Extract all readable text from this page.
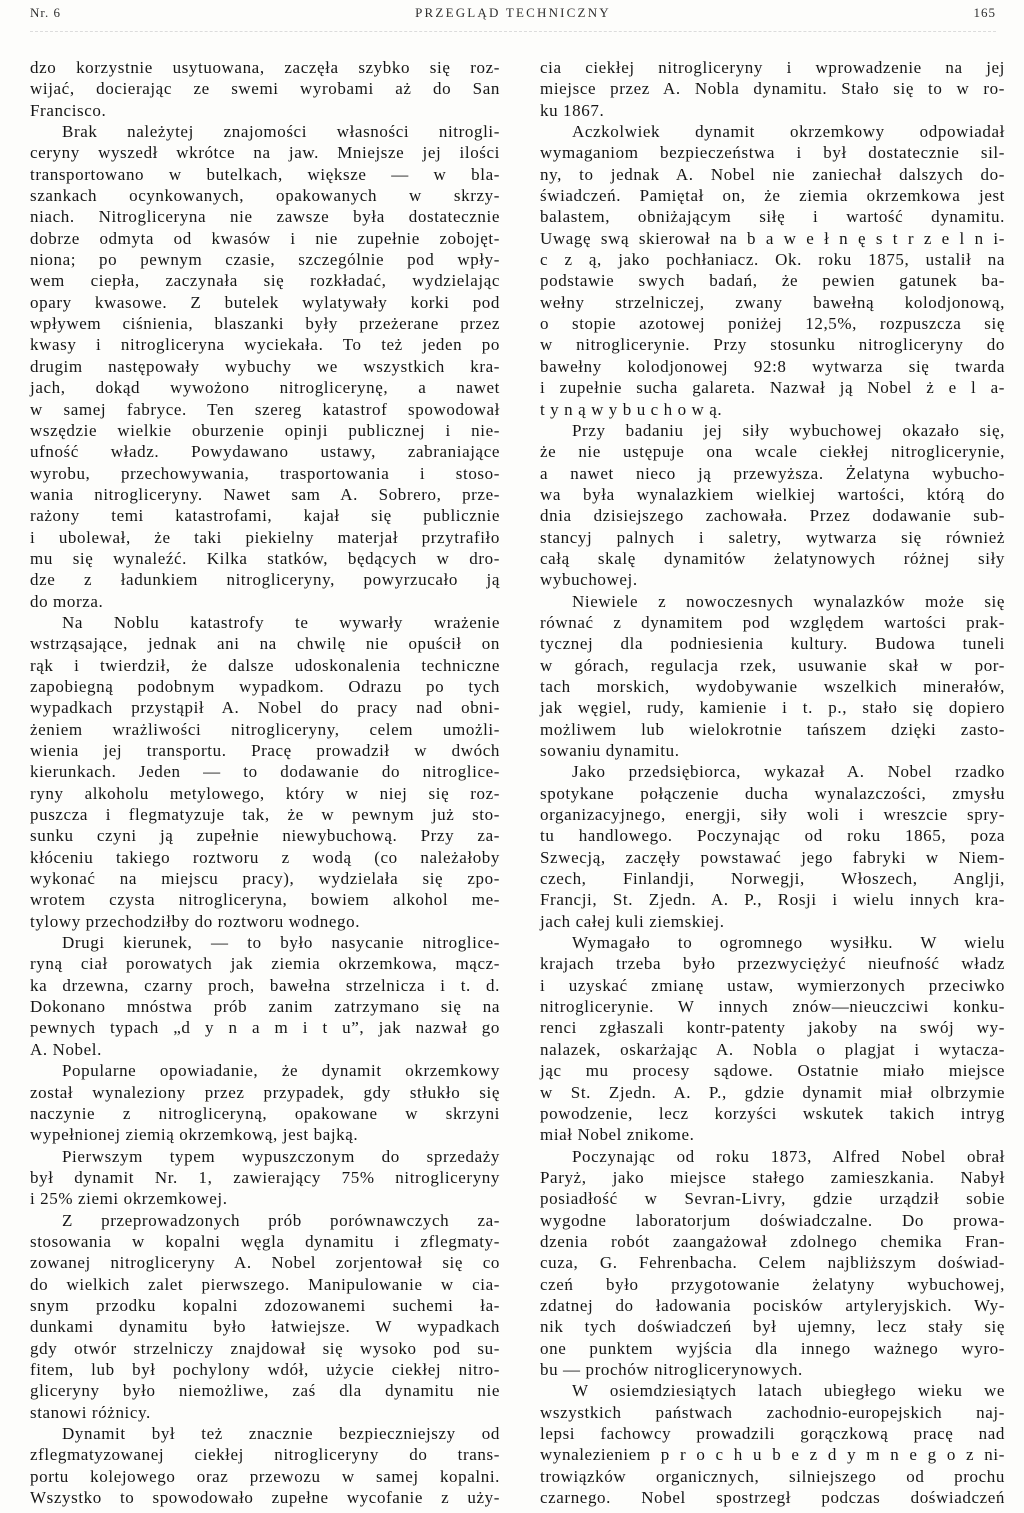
Nr. 6	PRZEGLĄD TECHNICZNY	165
dzo korzystnie usytuowana, zaczęła szybko się roz-
wijać, docierając ze swemi wyrobami aż do San
Francisco.
Brak należytej znajomości własności nitrogli-
ceryny wyszedł wkrótce na jaw. Mniejsze jej ilości
transportowano w butelkach, większe — w bla-
szankach ocynkowanych, opakowanych w skrzy-
niach. Nitrogliceryna nie zawsze była dostatecznie
dobrze odmyta od kwasów i nie zupełnie zobojęt-
niona; po pewnym czasie, szczególnie pod wpły-
wem ciepła, zaczynała się rozkładać, wydzielając
opary kwasowe. Z butelek wylatywały korki pod
wpływem ciśnienia, blaszanki były przeżerane przez
kwasy i nitrogliceryna wyciekała. To też jeden po
drugim następowały wybuchy we wszystkich kra-
jach, dokąd wywożono nitroglicerynę, a nawet
w samej fabryce. Ten szereg katastrof spowodował
wszędzie wielkie oburzenie opinji publicznej i nie-
ufność władz. Powydawano ustawy, zabraniające
wyrobu, przechowywania, trasportowania i stoso-
wania nitrogliceryny. Nawet sam A. Sobrero, prze-
rażony temi katastrofami, kajał się publicznie
i ubolewał, że taki piekielny materjał przytrafiło
mu się wynaleźć. Kilka statków, będących w dro-
dze z ładunkiem nitrogliceryny, powyrzucało ją
do morza.
Na Noblu katastrofy te wywarły wrażenie
wstrząsające, jednak ani na chwilę nie opuścił on
rąk i twierdził, że dalsze udoskonalenia techniczne
zapobiegną podobnym wypadkom. Odrazu po tych
wypadkach przystąpił A. Nobel do pracy nad obni-
żeniem wrażliwości nitrogliceryny, celem umożli-
wienia jej transportu. Pracę prowadził w dwóch
kierunkach. Jeden — to dodawanie do nitroglice-
ryny alkoholu metylowego, który w niej się roz-
puszcza i flegmatyzuje tak, że w pewnym już sto-
sunku czyni ją zupełnie niewybuchową. Przy za-
kłóceniu takiego roztworu z wodą (co należałoby
wykonać na miejscu pracy), wydzielała się zpo-
wrotem czysta nitrogliceryna, bowiem alkohol me-
tylowy przechodziłby do roztworu wodnego.
Drugi kierunek, — to było nasycanie nitroglice-
ryną ciał porowatych jak ziemia okrzemkowa, mącz-
ka drzewna, czarny proch, bawełna strzelnicza i t. d.
Dokonano mnóstwa prób zanim zatrzymano się na
pewnych typach „d y n a m i t u”, jak nazwał go
A. Nobel.
Popularne opowiadanie, że dynamit okrzemkowy
został wynaleziony przez przypadek, gdy stłukło się
naczynie z nitrogliceryną, opakowane w skrzyni
wypełnionej ziemią okrzemkową, jest bajką.
Pierwszym typem wypuszczonym do sprzedaży
był dynamit Nr. 1, zawierający 75% nitrogliceryny
i 25% ziemi okrzemkowej.
Z przeprowadzonych prób porównawczych za-
stosowania w kopalni węgla dynamitu i zflegmaty-
zowanej nitrogliceryny A. Nobel zorjentował się co
do wielkich zalet pierwszego. Manipulowanie w cia-
snym przodku kopalni zdozowanemi suchemi ła-
dunkami dynamitu było łatwiejsze. W wypadkach
gdy otwór strzelniczy znajdował się wysoko pod su-
fitem, lub był pochylony wdół, użycie ciekłej nitro-
gliceryny było niemożliwe, zaś dla dynamitu nie
stanowi różnicy.
Dynamit był też znacznie bezpieczniejszy od
zflegmatyzowanej ciekłej nitrogliceryny do trans-
portu kolejowego oraz przewozu w samej kopalni.
Wszystko to spowodowało zupełne wycofanie z uży-
cia ciekłej nitrogliceryny i wprowadzenie na jej
miejsce przez A. Nobla dynamitu. Stało się to w ro-
ku 1867.
Aczkolwiek dynamit okrzemkowy odpowiadał
wymaganiom bezpieczeństwa i był dostatecznie sil-
ny, to jednak A. Nobel nie zaniechał dalszych do-
świadczeń. Pamiętał on, że ziemia okrzemkowa jest
balastem, obniżającym siłę i wartość dynamitu.
Uwagę swą skierował na b a w e ł n ę s t r z e l n i-
c z ą, jako pochłaniacz. Ok. roku 1875, ustalił na
podstawie swych badań, że pewien gatunek ba-
wełny strzelniczej, zwany bawełną kolodjonową,
o stopie azotowej poniżej 12,5%, rozpuszcza się
w nitroglicerynie. Przy stosunku nitrogliceryny do
bawełny kolodjonowej 92:8 wytwarza się twarda
i zupełnie sucha galareta. Nazwał ją Nobel ż e l a-
t y n ą w y b u c h o w ą.
Przy badaniu jej siły wybuchowej okazało się,
że nie ustępuje ona wcale ciekłej nitroglicerynie,
a nawet nieco ją przewyższa. Żelatyna wybucho-
wa była wynalazkiem wielkiej wartości, którą do
dnia dzisiejszego zachowała. Przez dodawanie sub-
stancyj palnych i saletry, wytwarza się również
całą skalę dynamitów żelatynowych różnej siły
wybuchowej.
Niewiele z nowoczesnych wynalazków może się
równać z dynamitem pod względem wartości prak-
tycznej dla podniesienia kultury. Budowa tuneli
w górach, regulacja rzek, usuwanie skał w por-
tach morskich, wydobywanie wszelkich minerałów,
jak węgiel, rudy, kamienie i t. p., stało się dopiero
możliwem lub wielokrotnie tańszem dzięki zasto-
sowaniu dynamitu.
Jako przedsiębiorca, wykazał A. Nobel rzadko
spotykane połączenie ducha wynalazczości, zmysłu
organizacyjnego, energji, siły woli i wreszcie spry-
tu handlowego. Poczynając od roku 1865, poza
Szwecją, zaczęły powstawać jego fabryki w Niem-
czech, Finlandji, Norwegji, Włoszech, Anglji,
Francji, St. Zjedn. A. P., Rosji i wielu innych kra-
jach całej kuli ziemskiej.
Wymagało to ogromnego wysiłku. W wielu
krajach trzeba było przezwyciężyć nieufność władz
i uzyskać zmianę ustaw, wymierzonych przeciwko
nitroglicerynie. W innych znów—nieuczciwi konku-
renci zgłaszali kontr-patenty jakoby na swój wy-
nalazek, oskarżając A. Nobla o plagjat i wytacza-
jąc mu procesy sądowe. Ostatnie miało miejsce
w St. Zjedn. A. P., gdzie dynamit miał olbrzymie
powodzenie, lecz korzyści wskutek takich intryg
miał Nobel znikome.
Poczynając od roku 1873, Alfred Nobel obrał
Paryż, jako miejsce stałego zamieszkania. Nabył
posiadłość w Sevran-Livry, gdzie urządził sobie
wygodne laboratorjum doświadczalne. Do prowa-
dzenia robót zaangażował zdolnego chemika Fran-
cuza, G. Fehrenbacha. Celem najbliższym doświad-
czeń było przygotowanie żelatyny wybuchowej,
zdatnej do ładowania pocisków artyleryjskich. Wy-
nik tych doświadczeń był ujemny, lecz stały się
one punktem wyjścia dla innego ważnego wyro-
bu — prochów nitroglicerynowych.
W osiemdziesiątych latach ubiegłego wieku we
wszystkich państwach zachodnio-europejskich naj-
lepsi fachowcy prowadzili gorączkową pracę nad
wynalezieniem p r o c h u b e z d y m n e g o z ni-
trowiązków organicznych, silniejszego od prochu
czarnego. Nobel spostrzegł podczas doświadczeń
